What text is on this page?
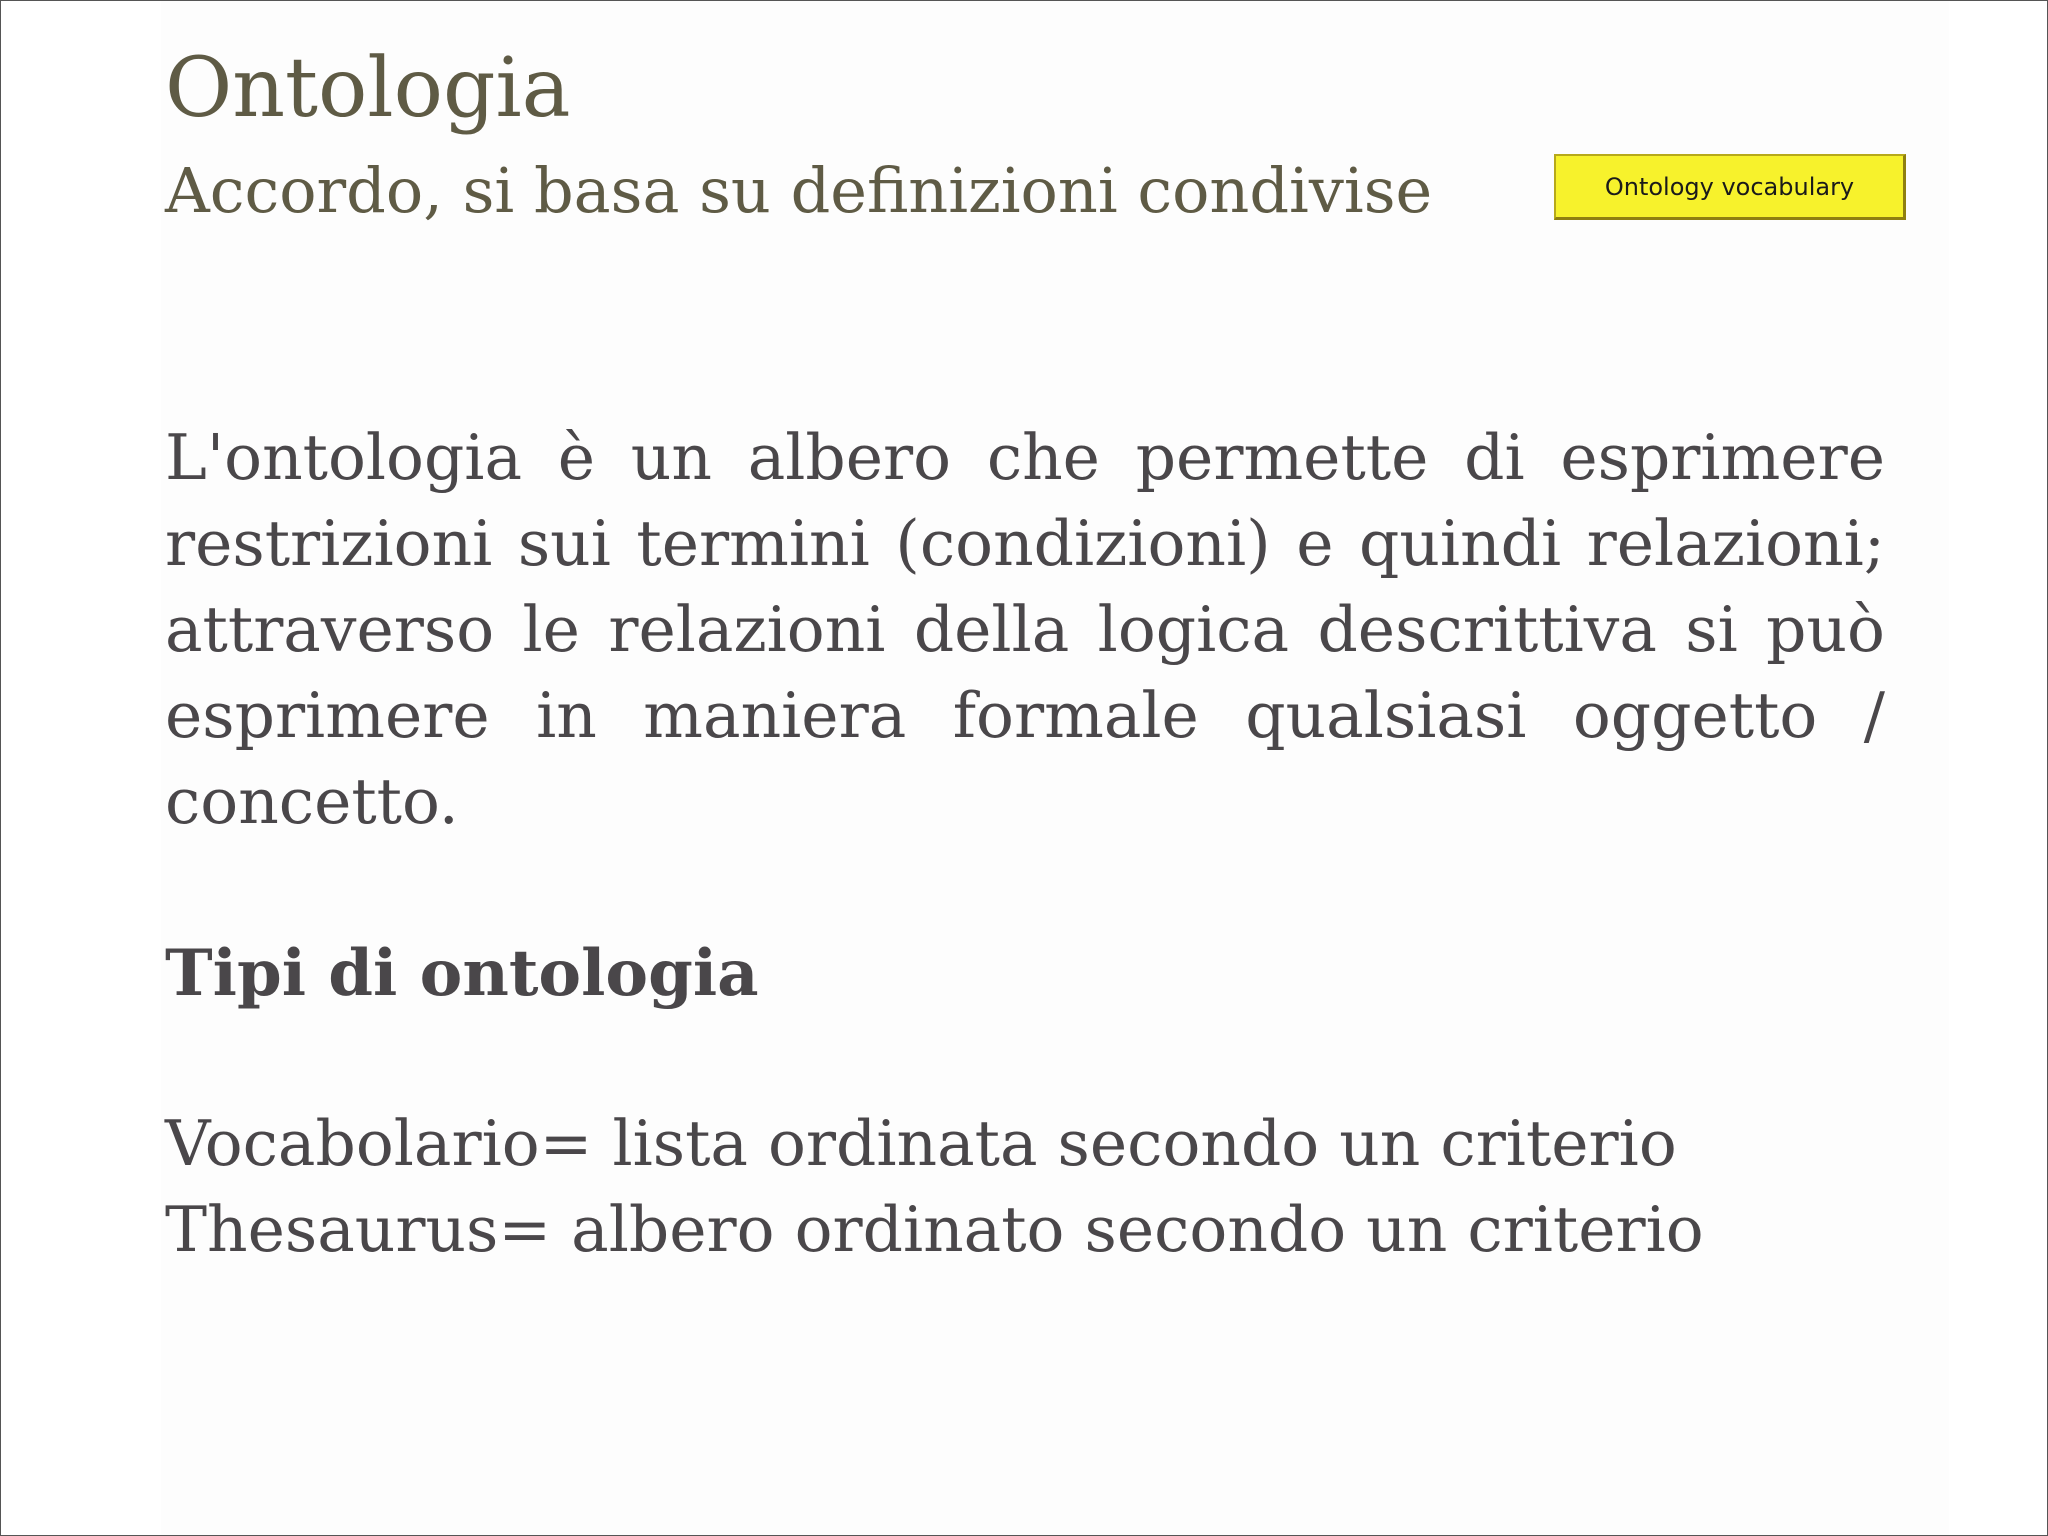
Ontologia
Accordo, si basa su definizioni condivise	Ontology vocabulary

L'ontologia è un albero che permette di esprimere restrizioni sui termini (condizioni) e quindi relazioni; attraverso le relazioni della logica descrittiva si può esprimere in maniera formale qualsiasi oggetto / concetto.

Tipi di ontologia
Vocabolario= lista ordinata secondo un criterio
Thesaurus= albero ordinato secondo un criterio
